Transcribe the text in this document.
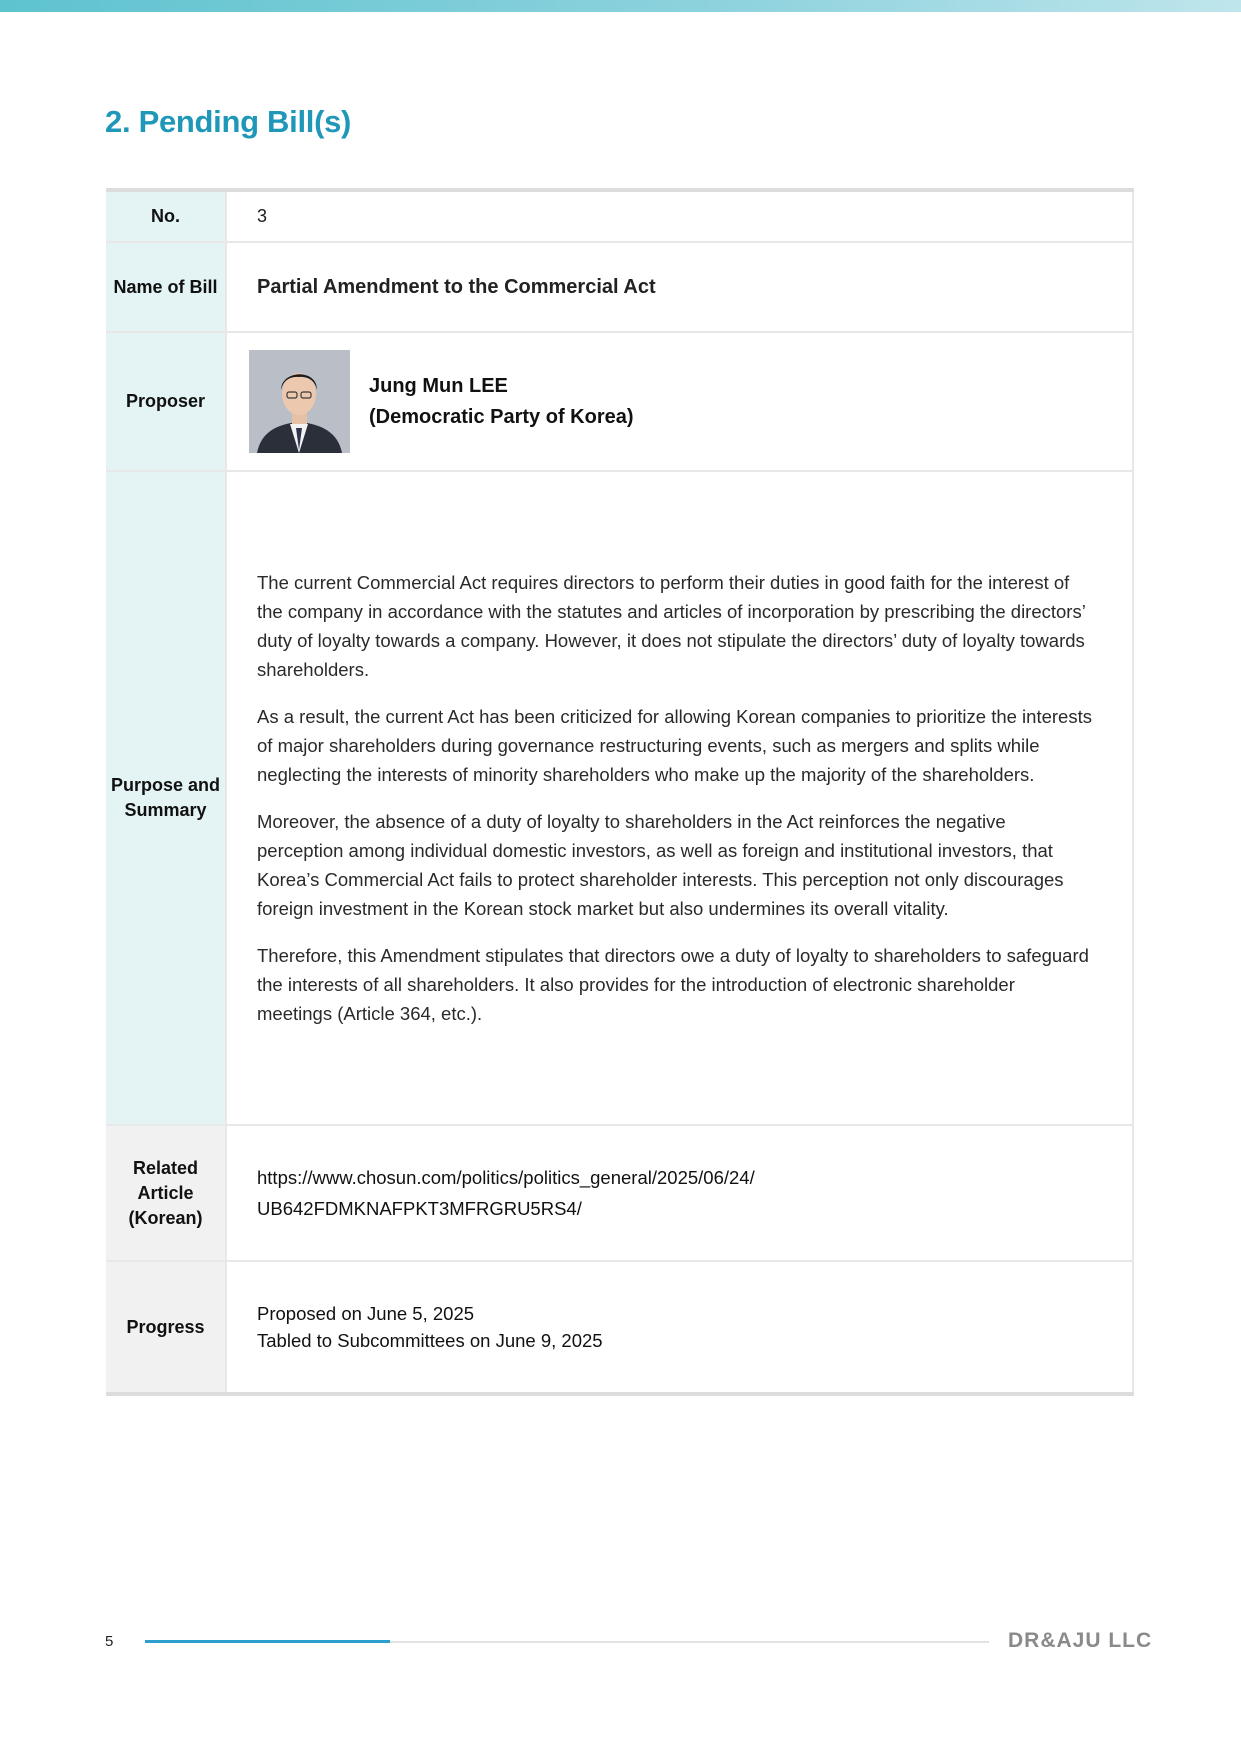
2. Pending Bill(s)
No.	3
Name of Bill	Partial Amendment to the Commercial Act
Proposer	Jung Mun LEE
(Democratic Party of Korea)

Purpose and Summary	The current Commercial Act requires directors to perform their duties in good faith for the interest of the company in accordance with the statutes and articles of incorporation by prescribing the directors’ duty of loyalty towards a company. However, it does not stipulate the directors’ duty of loyalty towards shareholders.

As a result, the current Act has been criticized for allowing Korean companies to prioritize the interests of major shareholders during governance restructuring events, such as mergers and splits while neglecting the interests of minority shareholders who make up the majority of the shareholders.

Moreover, the absence of a duty of loyalty to shareholders in the Act reinforces the negative perception among individual domestic investors, as well as foreign and institutional investors, that Korea’s Commercial Act fails to protect shareholder interests. This perception not only discourages foreign investment in the Korean stock market but also undermines its overall vitality.

Therefore, this Amendment stipulates that directors owe a duty of loyalty to shareholders to safeguard the interests of all shareholders. It also provides for the introduction of electronic shareholder meetings (Article 364, etc.).

Related Article (Korean)	https://www.chosun.com/politics/politics_general/2025/06/24/
UB642FDMKNAFPKT3MFRGRU5RS4/

Progress	Proposed on June 5, 2025
Tabled to Subcommittees on June 9, 2025
5	DR&AJU LLC
